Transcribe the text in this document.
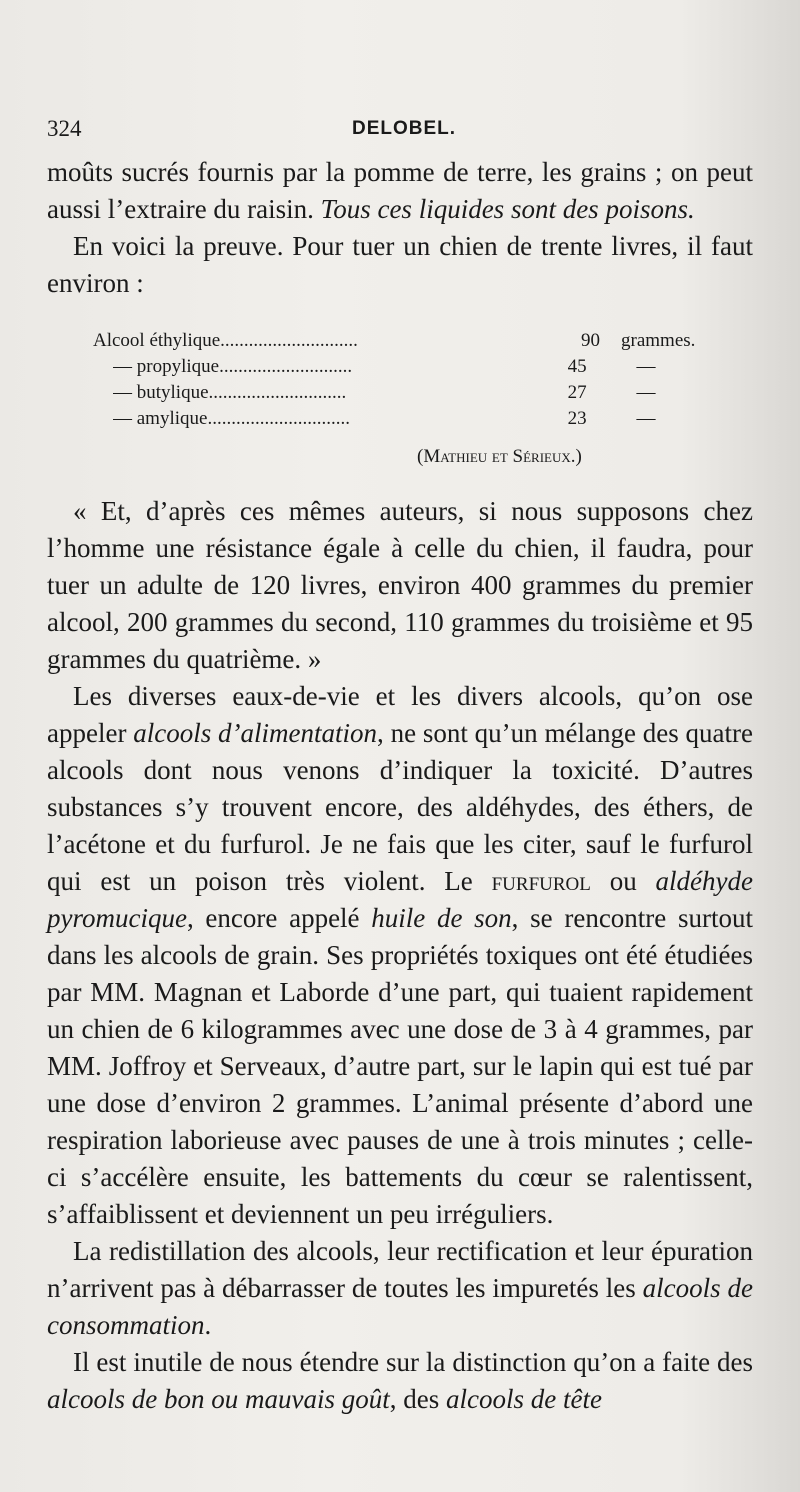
324	DELOBEL.

moûts sucrés fournis par la pomme de terre, les grains ; on peut aussi l’extraire du raisin. Tous ces liquides sont des poisons.

En voici la preuve. Pour tuer un chien de trente livres, il faut environ :

Alcool éthylique.............................	90	grammes.
— propylique............................	45	—
— butylique.............................	27	—
— amylique..............................	23	—
(Mathieu et Sérieux.)

« Et, d’après ces mêmes auteurs, si nous supposons chez l’homme une résistance égale à celle du chien, il faudra, pour tuer un adulte de 120 livres, environ 400 grammes du premier alcool, 200 grammes du second, 110 grammes du troisième et 95 grammes du quatrième. »

Les diverses eaux-de-vie et les divers alcools, qu’on ose appeler alcools d’alimentation, ne sont qu’un mélange des quatre alcools dont nous venons d’indiquer la toxicité. D’autres substances s’y trouvent encore, des aldéhydes, des éthers, de l’acétone et du furfurol. Je ne fais que les citer, sauf le furfurol qui est un poison très violent. Le furfurol ou aldéhyde pyromucique, encore appelé huile de son, se rencontre surtout dans les alcools de grain. Ses propriétés toxiques ont été étudiées par MM. Magnan et Laborde d’une part, qui tuaient rapidement un chien de 6 kilogrammes avec une dose de 3 à 4 grammes, par MM. Joffroy et Serveaux, d’autre part, sur le lapin qui est tué par une dose d’environ 2 grammes. L’animal présente d’abord une respiration laborieuse avec pauses de une à trois minutes ; celle-ci s’accélère ensuite, les battements du cœur se ralentissent, s’affaiblissent et deviennent un peu irréguliers.

La redistillation des alcools, leur rectification et leur épuration n’arrivent pas à débarrasser de toutes les impuretés les alcools de consommation.

Il est inutile de nous étendre sur la distinction qu’on a faite des alcools de bon ou mauvais goût, des alcools de tête
